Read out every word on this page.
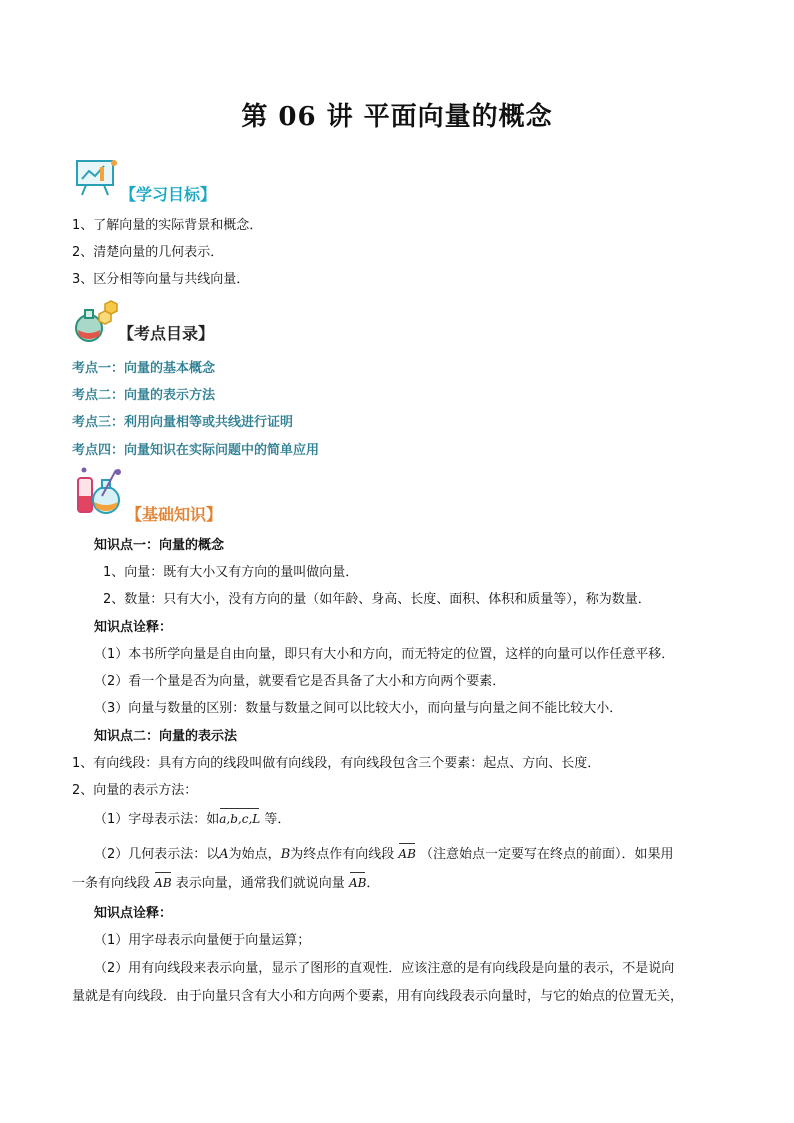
第 06 讲 平面向量的概念
【学习目标】
1、了解向量的实际背景和概念．
2、清楚向量的几何表示．
3、区分相等向量与共线向量．
【考点目录】
考点一：向量的基本概念
考点二：向量的表示方法
考点三：利用向量相等或共线进行证明
考点四：向量知识在实际问题中的简单应用
【基础知识】
知识点一：向量的概念
1、向量：既有大小又有方向的量叫做向量．
2、数量：只有大小，没有方向的量（如年龄、身高、长度、面积、体积和质量等），称为数量．
知识点诠释：
（1）本书所学向量是自由向量，即只有大小和方向，而无特定的位置，这样的向量可以作任意平移．
（2）看一个量是否为向量，就要看它是否具备了大小和方向两个要素．
（3）向量与数量的区别：数量与数量之间可以比较大小，而向量与向量之间不能比较大小．
知识点二：向量的表示法
1、有向线段：具有方向的线段叫做有向线段，有向线段包含三个要素：起点、方向、长度．
2、向量的表示方法：
（1）字母表示法：如a,b,c,L 等．
（2）几何表示法：以A为始点，B为终点作有向线段 AB （注意始点一定要写在终点的前面）．如果用
一条有向线段 AB 表示向量，通常我们就说向量 AB．
知识点诠释：
（1）用字母表示向量便于向量运算；
（2）用有向线段来表示向量，显示了图形的直观性．应该注意的是有向线段是向量的表示，不是说向
量就是有向线段．由于向量只含有大小和方向两个要素，用有向线段表示向量时，与它的始点的位置无关，
